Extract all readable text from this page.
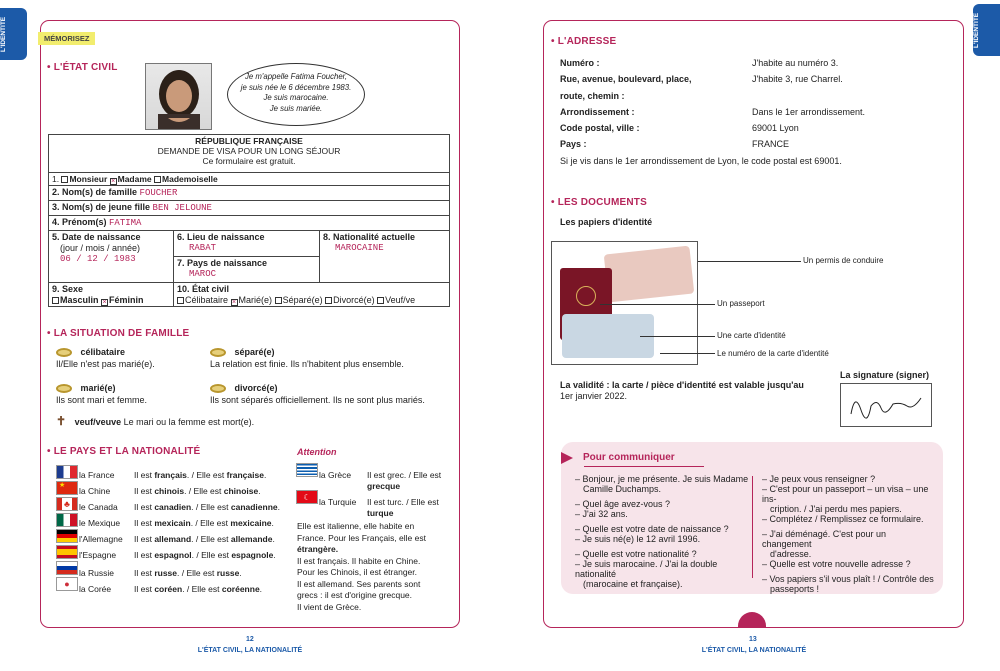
L'IDENTITÉ	L'IDENTITÉ
MÉMORISEZ
• L'ÉTAT CIVIL
Je m'appelle Fatima Foucher,
je suis née le 6 décembre 1983.
Je suis marocaine.
Je suis mariée.
RÉPUBLIQUE FRANÇAISE
DEMANDE DE VISA POUR UN LONG SÉJOUR
Ce formulaire est gratuit.
1. Monsieur × Madame Mademoiselle
2. Nom(s) de famille FOUCHER
3. Nom(s) de jeune fille BEN JELOUNE
4. Prénom(s) FATIMA
5. Date de naissance
(jour / mois / année)
06 / 12 / 1983
6. Lieu de naissance
RABAT
7. Pays de naissance
MAROC
8. Nationalité actuelle
MAROCAINE
9. Sexe
Masculin × Féminin
10. État civil
Célibataire × Marié(e) Séparé(e) Divorcé(e) Veuf/ve
• LA SITUATION DE FAMILLE
célibataire
Il/Elle n'est pas marié(e).
séparé(e)
La relation est finie. Ils n'habitent plus ensemble.
marié(e)
Ils sont mari et femme.
divorcé(e)
Ils sont séparés officiellement. Ils ne sont plus mariés.
✝ veuf/veuve Le mari ou la femme est mort(e).
• LE PAYS ET LA NATIONALITÉ
★
♣
●
la France Il est français. / Elle est française.
la Chine	Il est chinois. / Elle est chinoise.
le Canada Il est canadien. / Elle est canadienne.
le Mexique Il est mexicain. / Elle est mexicaine.
l'Allemagne Il est allemand. / Elle est allemande.
l'Espagne Il est espagnol. / Elle est espagnole.
la Russie Il est russe. / Elle est russe.
la Corée	Il est coréen. / Elle est coréenne.
Attention
la Grèce Il est grec. / Elle est
grecque
☾ la Turquie Il est turc. / Elle est
turque
Elle est italienne, elle habite en
France. Pour les Français, elle est
étrangère.
Il est français. Il habite en Chine.
Pour les Chinois, il est étranger.
Il est allemand. Ses parents sont
grecs : il est d'origine grecque.
Il vient de Grèce.
12
L'ÉTAT CIVIL, LA NATIONALITÉ
13
L'ÉTAT CIVIL, LA NATIONALITÉ
• L'ADRESSE
Numéro :	J'habite au numéro 3.
Rue, avenue, boulevard, place,	J'habite 3, rue Charrel.
route, chemin :
Arrondissement :	Dans le 1er arrondissement.
Code postal, ville :	69001 Lyon
Pays :	FRANCE
Si je vis dans le 1er arrondissement de Lyon, le code postal est 69001.
• LES DOCUMENTS
Les papiers d'identité
Un permis de conduire
Un passeport
Une carte d'identité
Le numéro de la carte d'identité
La validité : la carte / pièce d'identité est valable jusqu'au
1er janvier 2022.
La signature (signer)
Pour communiquer
– Bonjour, je me présente. Je suis Madame
Camille Duchamps.
– Quel âge avez-vous ?
– J'ai 32 ans.
– Quelle est votre date de naissance ?
– Je suis né(e) le 12 avril 1996.
– Quelle est votre nationalité ?
– Je suis marocaine. / J'ai la double nationalité
(marocaine et française).
– Je peux vous renseigner ?
– C'est pour un passeport – un visa – une ins-
cription. / J'ai perdu mes papiers.
– Complétez / Remplissez ce formulaire.
– J'ai déménagé. C'est pour un changement
d'adresse.
– Quelle est votre nouvelle adresse ?
– Vos papiers s'il vous plaît ! / Contrôle des
passeports !
